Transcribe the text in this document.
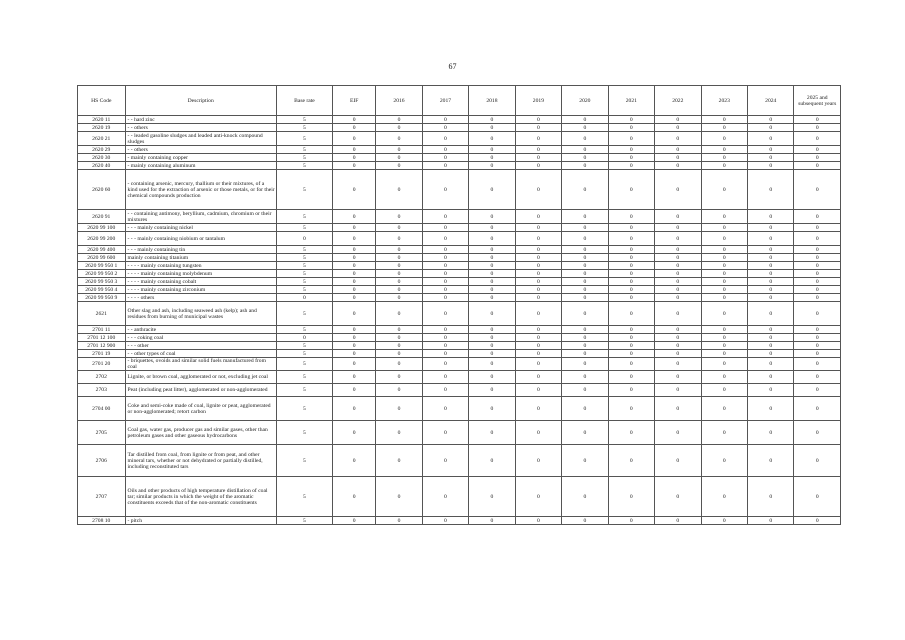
67
HS Code	Description	Base rate	EIF	2016	2017	2018	2019	2020	2021	2022	2023	2024	2025 and subsequent years
2620 11	- - hard zinc	5	0	0	0	0	0	0	0	0	0	0	0
2620 19	- - others	5	0	0	0	0	0	0	0	0	0	0	0
2620 21	- - leaded gasoline sludges and leaded anti-knock compound sludges	5	0	0	0	0	0	0	0	0	0	0	0
2620 29	- - others	5	0	0	0	0	0	0	0	0	0	0	0
2620 30	- mainly containing copper	5	0	0	0	0	0	0	0	0	0	0	0
2620 40	- mainly containing aluminum	5	0	0	0	0	0	0	0	0	0	0	0
2620 60	- containing arsenic, mercury, thallium or their mixtures, of a kind used for the extraction of arsenic or those metals, or for their chemical compounds production	5	0	0	0	0	0	0	0	0	0	0	0
2620 91	- - containing antimony, beryllium, cadmium, chromium or their mixtures	5	0	0	0	0	0	0	0	0	0	0	0
2620 99 100	- - - mainly containing nickel	5	0	0	0	0	0	0	0	0	0	0	0
2620 99 200	- - - mainly containing niobium or tantalum	0	0	0	0	0	0	0	0	0	0	0	0
2620 99 400	- - - mainly containing tin	5	0	0	0	0	0	0	0	0	0	0	0
2620 99 600	mainly containing titanium	5	0	0	0	0	0	0	0	0	0	0	0
2620 99 950 1	- - - - mainly containing tungsten	5	0	0	0	0	0	0	0	0	0	0	0
2620 99 950 2	- - - - mainly containing molybdenum	5	0	0	0	0	0	0	0	0	0	0	0
2620 99 950 3	- - - - mainly containing cobalt	5	0	0	0	0	0	0	0	0	0	0	0
2620 99 950 4	- - - - mainly containing zirconium	5	0	0	0	0	0	0	0	0	0	0	0
2620 99 950 9	- - - - others	0	0	0	0	0	0	0	0	0	0	0	0
2621	Other slag and ash, including seaweed ash (kelp); ash and residues from burning of municipal wastes	5	0	0	0	0	0	0	0	0	0	0	0
2701 11	- - anthracite	5	0	0	0	0	0	0	0	0	0	0	0
2701 12 100	- - - coking coal	0	0	0	0	0	0	0	0	0	0	0	0
2701 12 900	- - - other	5	0	0	0	0	0	0	0	0	0	0	0
2701 19	- - other types of coal	5	0	0	0	0	0	0	0	0	0	0	0
2701 20	- briquettes, ovoids and similar solid fuels manufactured from coal	5	0	0	0	0	0	0	0	0	0	0	0
2702	Lignite, or brown coal, agglomerated or not, excluding jet coal	5	0	0	0	0	0	0	0	0	0	0	0
2703	Peat (including peat litter), agglomerated or non-agglomerated	5	0	0	0	0	0	0	0	0	0	0	0
2704 00	Coke and semi-coke made of coal, lignite or peat, agglomerated or non-agglomerated; retort carbon	5	0	0	0	0	0	0	0	0	0	0	0
2705	Coal gas, water gas, producer gas and similar gases, other than petroleum gases and other gaseous hydrocarbons	5	0	0	0	0	0	0	0	0	0	0	0
2706	Tar distilled from coal, from lignite or from peat, and other mineral tars, whether or not dehydrated or partially distilled, including reconstituted tars	5	0	0	0	0	0	0	0	0	0	0	0
2707	Oils and other products of high temperature distillation of coal tar; similar products in which the weight of the aromatic constituents exceeds that of the non-aromatic constituents	5	0	0	0	0	0	0	0	0	0	0	0
2708 10	- pitch	5	0	0	0	0	0	0	0	0	0	0	0
